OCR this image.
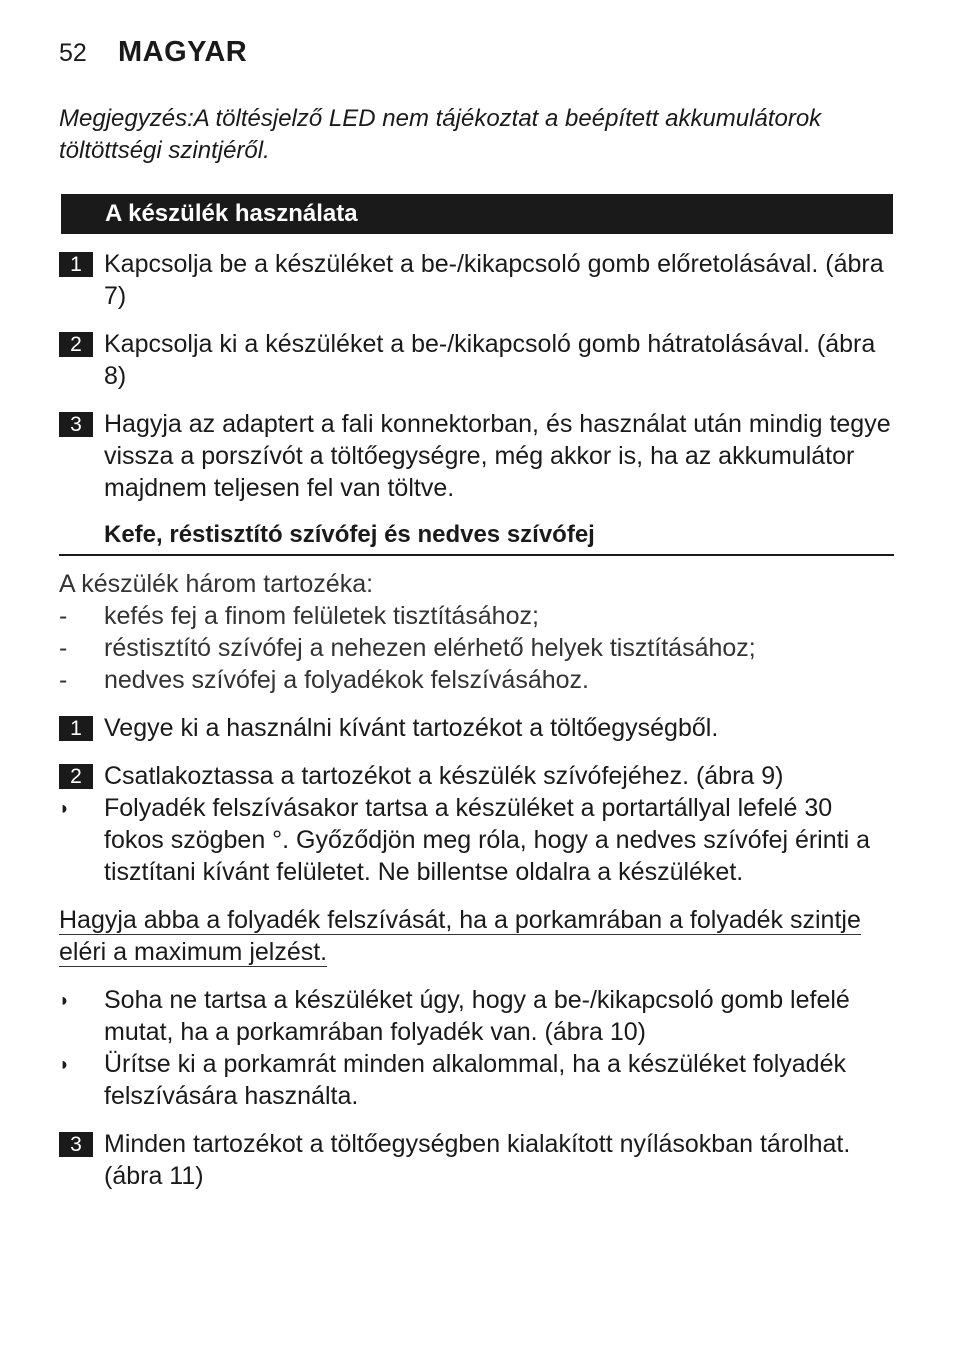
52 MAGYAR
Megjegyzés:A töltésjelző LED nem tájékoztat a beépített akkumulátorok töltöttségi szintjéről.
A készülék használata
1 Kapcsolja be a készüléket a be-/kikapcsoló gomb előretolásával. (ábra 7)
2 Kapcsolja ki a készüléket a be-/kikapcsoló gomb hátratolásával. (ábra 8)
3 Hagyja az adaptert a fali konnektorban, és használat után mindig tegye vissza a porszívót a töltőegységre, még akkor is, ha az akkumulátor majdnem teljesen fel van töltve.
Kefe, réstisztító szívófej és nedves szívófej
A készülék három tartozéka:
- kefés fej a finom felületek tisztításához;
- réstisztító szívófej a nehezen elérhető helyek tisztításához;
- nedves szívófej a folyadékok felszívásához.
1 Vegye ki a használni kívánt tartozékot a töltőegységből.
2 Csatlakoztassa a tartozékot a készülék szívófejéhez. (ábra 9)
◗ Folyadék felszívásakor tartsa a készüléket a portartállyal lefelé 30 fokos szögben °. Győződjön meg róla, hogy a nedves szívófej érinti a tisztítani kívánt felületet. Ne billentse oldalra a készüléket.
Hagyja abba a folyadék felszívását, ha a porkamrában a folyadék szintje eléri a maximum jelzést.
◗ Soha ne tartsa a készüléket úgy, hogy a be-/kikapcsoló gomb lefelé mutat, ha a porkamrában folyadék van. (ábra 10)
◗ Ürítse ki a porkamrát minden alkalommal, ha a készüléket folyadék felszívására használta.
3 Minden tartozékot a töltőegységben kialakított nyílásokban tárolhat. (ábra 11)
